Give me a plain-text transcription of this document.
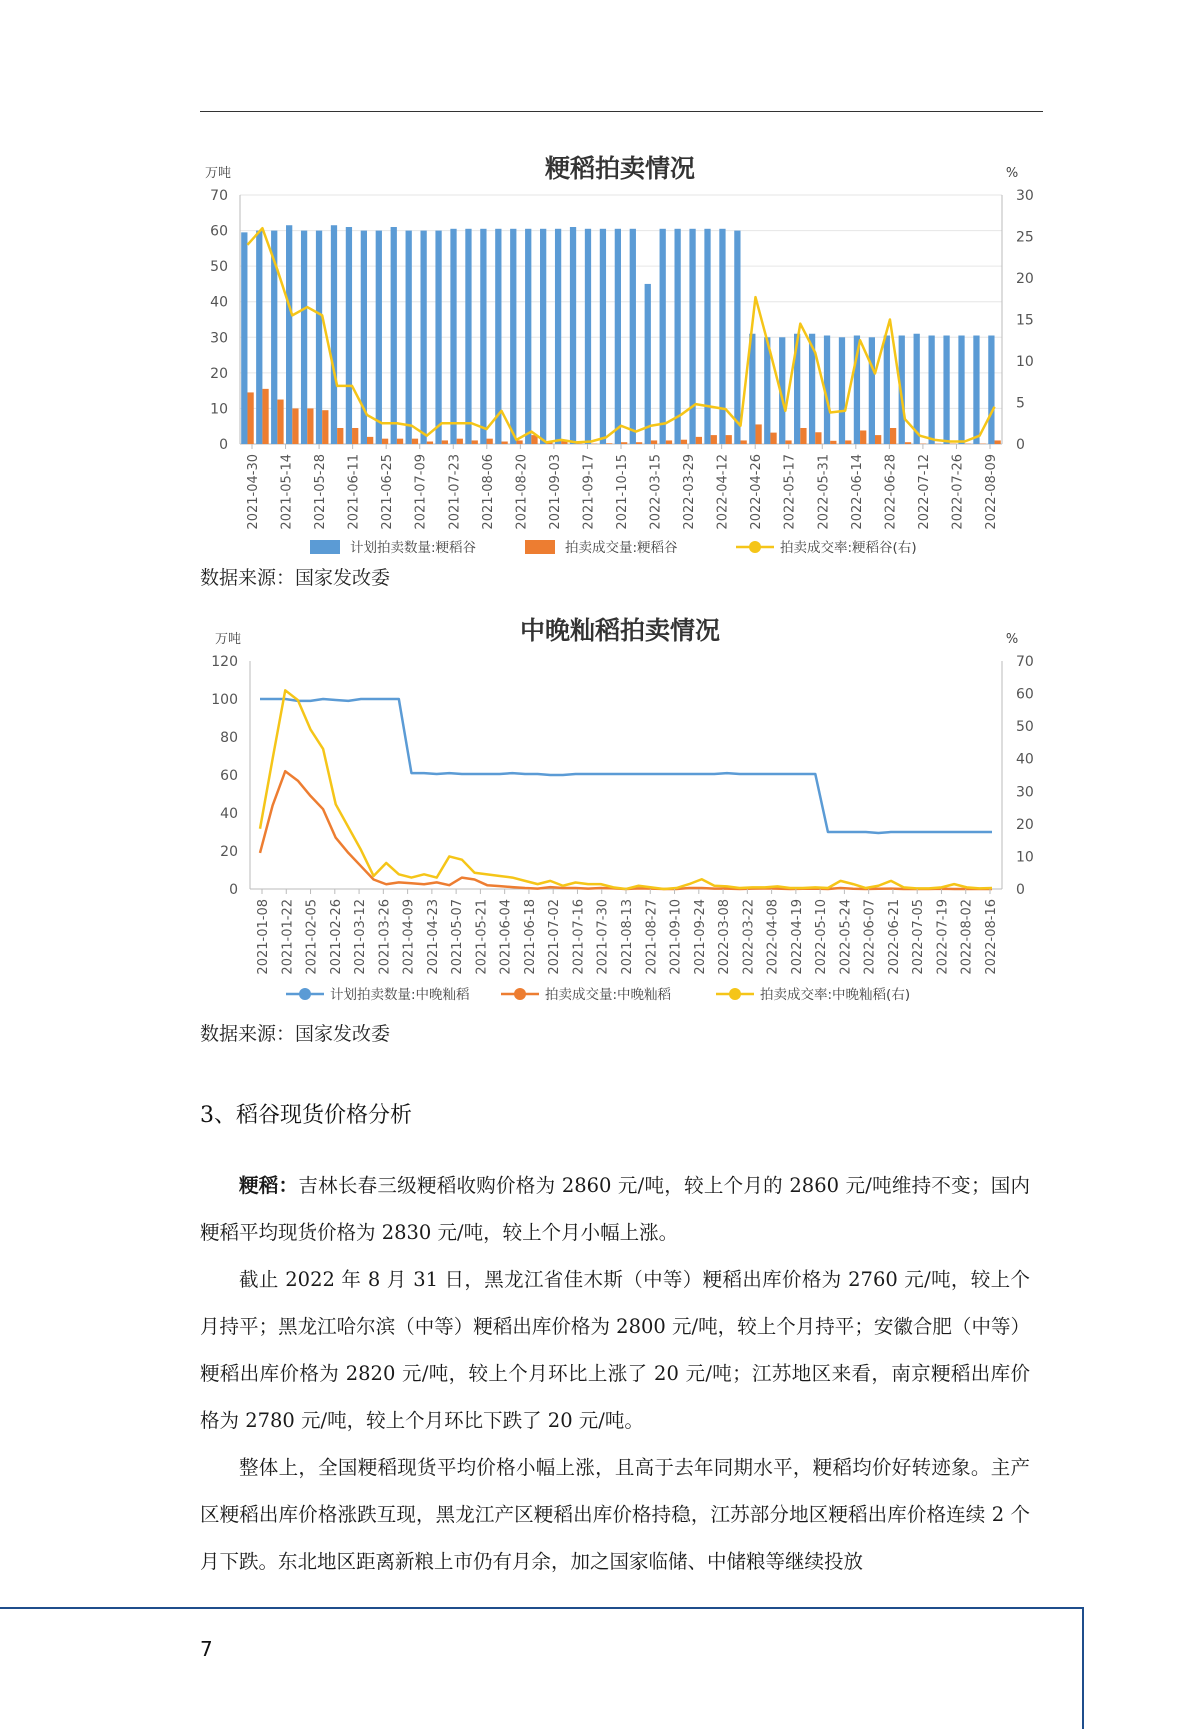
粳稻拍卖情况
万吨	%
0
10
20
30
40
50
60
70
0
5
10
15
20
25
30
2021-04-30 2021-05-14 2021-05-28 2021-06-11 2021-06-25 2021-07-09 2021-07-23 2021-08-06 2021-08-20 2021-09-03 2021-09-17 2021-10-15 2022-03-15 2022-03-29 2022-04-12 2022-04-26 2022-05-17 2022-05-31 2022-06-14 2022-06-28 2022-07-12 2022-07-26 2022-08-09
计划拍卖数量:粳稻谷	拍卖成交量:粳稻谷	拍卖成交率:粳稻谷(右)
数据来源：国家发改委
中晚籼稻拍卖情况
万吨	%
0
20
40
60
80
100
120
0
10
20
30
40
50
60
70
2021-01-08 2021-01-22 2021-02-05 2021-02-26 2021-03-12 2021-03-26 2021-04-09 2021-04-23 2021-05-07 2021-05-21 2021-06-04 2021-06-18 2021-07-02 2021-07-16 2021-07-30 2021-08-13 2021-08-27 2021-09-10 2021-09-24 2022-03-08 2022-03-22 2022-04-08 2022-04-19 2022-05-10 2022-05-24 2022-06-07 2022-06-21 2022-07-05 2022-07-19 2022-08-02 2022-08-16
计划拍卖数量:中晚籼稻	拍卖成交量:中晚籼稻	拍卖成交率:中晚籼稻(右)
数据来源：国家发改委
3、稻谷现货价格分析

粳稻：吉林长春三级粳稻收购价格为 2860 元/吨，较上个月的 2860 元/吨维持不变；国内粳稻平均现货价格为 2830 元/吨，较上个月小幅上涨。

截止 2022 年 8 月 31 日，黑龙江省佳木斯（中等）粳稻出库价格为 2760 元/吨，较上个月持平；黑龙江哈尔滨（中等）粳稻出库价格为 2800 元/吨，较上个月持平；安徽合肥（中等）粳稻出库价格为 2820 元/吨，较上个月环比上涨了 20 元/吨；江苏地区来看，南京粳稻出库价格为 2780 元/吨，较上个月环比下跌了 20 元/吨。

整体上，全国粳稻现货平均价格小幅上涨，且高于去年同期水平，粳稻均价好转迹象。主产区粳稻出库价格涨跌互现，黑龙江产区粳稻出库价格持稳，江苏部分地区粳稻出库价格连续 2 个月下跌。东北地区距离新粮上市仍有月余，加之国家临储、中储粮等继续投放

7
